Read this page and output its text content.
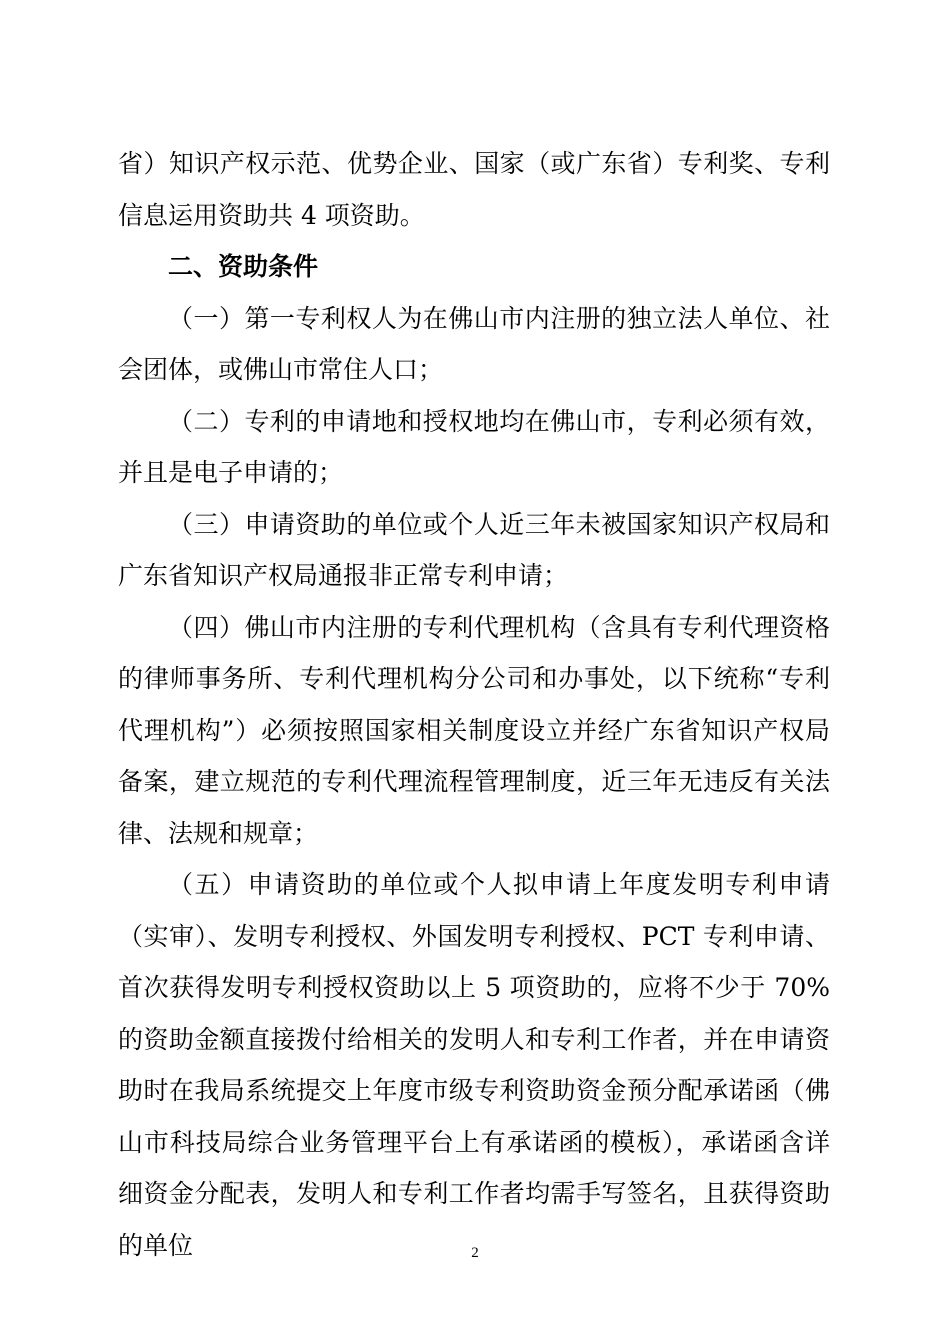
省）知识产权示范、优势企业、国家（或广东省）专利奖、专利信息运用资助共 4 项资助。

二、资助条件

（一）第一专利权人为在佛山市内注册的独立法人单位、社会团体，或佛山市常住人口；

（二）专利的申请地和授权地均在佛山市，专利必须有效，并且是电子申请的；

（三）申请资助的单位或个人近三年未被国家知识产权局和广东省知识产权局通报非正常专利申请；

（四）佛山市内注册的专利代理机构（含具有专利代理资格的律师事务所、专利代理机构分公司和办事处，以下统称“专利代理机构”）必须按照国家相关制度设立并经广东省知识产权局备案，建立规范的专利代理流程管理制度，近三年无违反有关法律、法规和规章；

（五）申请资助的单位或个人拟申请上年度发明专利申请（实审）、发明专利授权、外国发明专利授权、PCT 专利申请、首次获得发明专利授权资助以上 5 项资助的，应将不少于 70%的资助金额直接拨付给相关的发明人和专利工作者，并在申请资助时在我局系统提交上年度市级专利资助资金预分配承诺函（佛山市科技局综合业务管理平台上有承诺函的模板），承诺函含详细资金分配表，发明人和专利工作者均需手写签名，且获得资助的单位	2
